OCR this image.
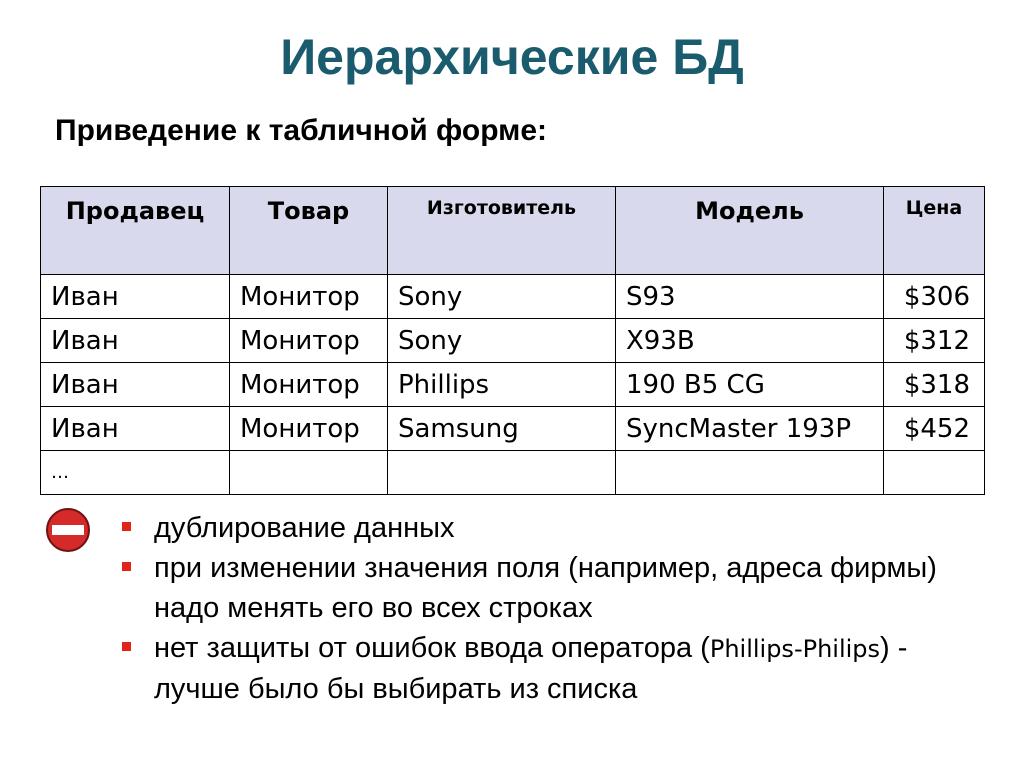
Иерархические БД
Приведение к табличной форме:
Продавец	Товар	Изготовитель	Модель	Цена
Иван	Монитор	Sony	S93	$306
Иван	Монитор	Sony	X93B	$312
Иван	Монитор	Phillips	190 B5 CG	$318
Иван	Монитор	Samsung	SyncMaster 193P	$452
…				
дублирование данных
при изменении значения поля (например, адреса фирмы) надо менять его во всех строках
нет защиты от ошибок ввода оператора (Phillips-Philips) - лучше было бы выбирать из списка
